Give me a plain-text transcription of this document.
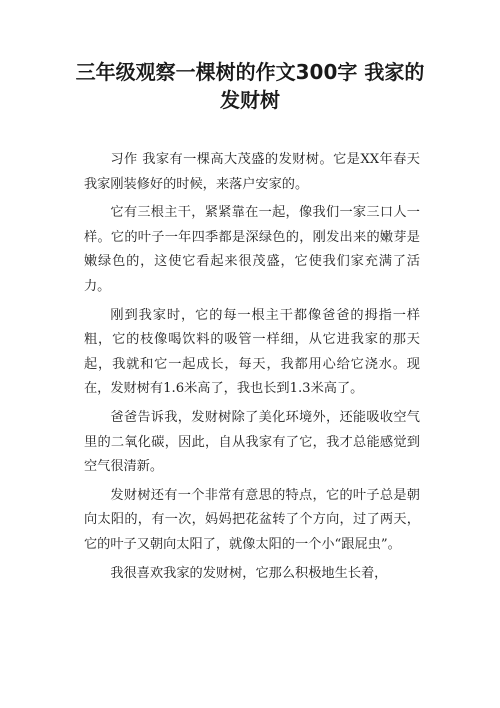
三年级观察一棵树的作文300字 我家的发财树

习作 我家有一棵高大茂盛的发财树。它是XX年春天我家刚装修好的时候，来落户安家的。

它有三根主干，紧紧靠在一起，像我们一家三口人一样。它的叶子一年四季都是深绿色的，刚发出来的嫩芽是嫩绿色的，这使它看起来很茂盛，它使我们家充满了活力。

刚到我家时，它的每一根主干都像爸爸的拇指一样粗，它的枝像喝饮料的吸管一样细，从它进我家的那天起，我就和它一起成长，每天，我都用心给它浇水。现在，发财树有1.6米高了，我也长到1.3米高了。

爸爸告诉我，发财树除了美化环境外，还能吸收空气里的二氧化碳，因此，自从我家有了它，我才总能感觉到空气很清新。

发财树还有一个非常有意思的特点，它的叶子总是朝向太阳的，有一次，妈妈把花盆转了个方向，过了两天，它的叶子又朝向太阳了，就像太阳的一个小“跟屁虫”。

我很喜欢我家的发财树，它那么积极地生长着，
